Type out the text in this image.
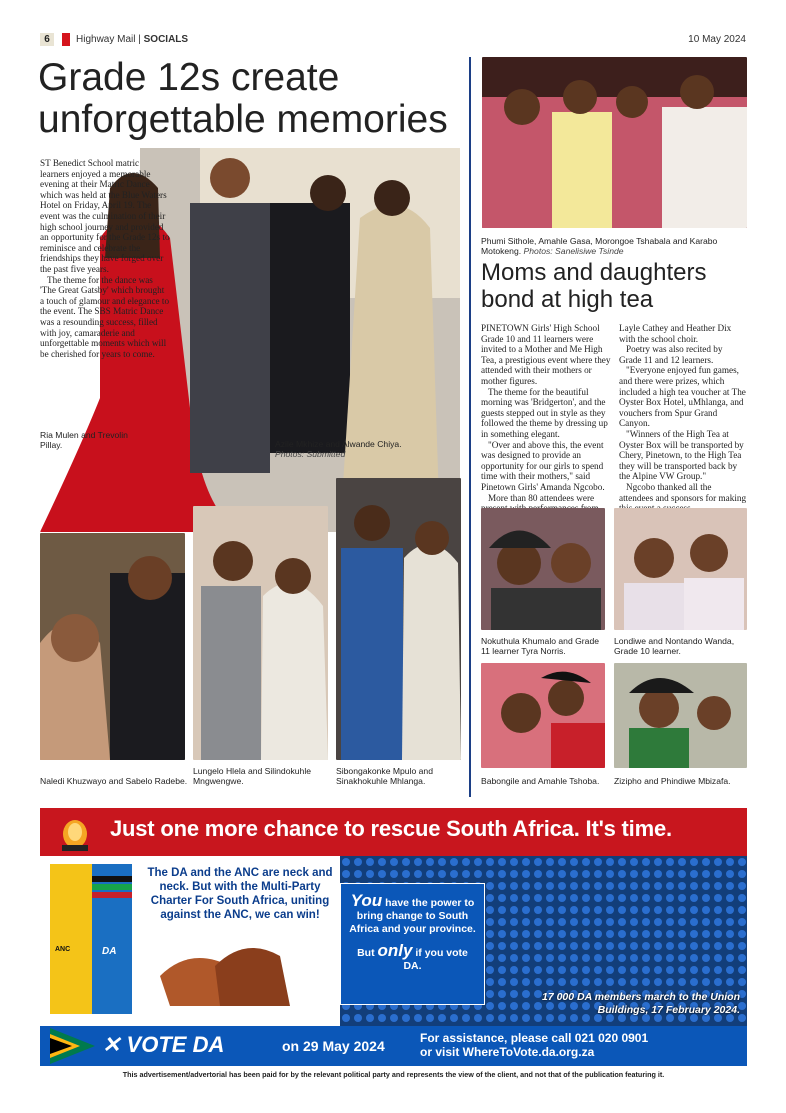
6	Highway Mail | SOCIALS	10 May 2024
Grade 12s create unforgettable memories

ST Benedict School matric learners enjoyed a memorable evening at their Matric Dance which was held at the Blue Waters Hotel on Friday, April 19. The event was the culmination of their high school journey and provided an opportunity for the Grade 12s to reminisce and celebrate the friendships they have forged over the past five years.

The theme for the dance was 'The Great Gatsby' which brought a touch of glamour and elegance to the event. The SBS Matric Dance was a resounding success, filled with joy, camaraderie and unforgettable moments which will be cherished for years to come.

Ria Mulen and Trevolin Pillay.	Azile Mkhize and Alwande Chiya.
Photos: Submitted
Naledi Khuzwayo and Sabelo Radebe.
Lungelo Hlela and Silindokuhle Mngwengwe.
Sibongakonke Mpulo and Sinakhokuhle Mhlanga.
Phumi Sithole, Amahle Gasa, Morongoe Tshabala and Karabo Motokeng. Photos: Sanelisiwe Tsinde
Moms and daughters bond at high tea

PINETOWN Girls' High School Grade 10 and 11 learners were invited to a Mother and Me High Tea, a prestigious event where they attended with their mothers or mother figures.

The theme for the beautiful morning was 'Bridgerton', and the guests stepped out in style as they followed the theme by dressing up in something elegant.

"Over and above this, the event was designed to provide an opportunity for our girls to spend time with their mothers," said Pinetown Girls' Amanda Ngcobo.

More than 80 attendees were

Layle Cathey and Heather Dix with the school choir.

Poetry was also recited by Grade 11 and 12 learners.

"Everyone enjoyed fun games, and there were prizes, which included a high tea voucher at The Oyster Box Hotel, uMhlanga, and vouchers from Spur Grand Canyon.

"Winners of the High Tea at Oyster Box will be transported by Chery, Pinetown, to the High Tea they will be transported back by the Alpine VW Group."

Ngcobo thanked all the attendees and sponsors for making

Nokuthula Khumalo and Grade 11 learner Tyra Norris.
Londiwe and Nontando Wanda, Grade 10 learner.
Babongile and Amahle Tshoba.	Zizipho and Phindiwe Mbizafa.
Just one more chance to rescue South Africa. It's time.
ANC	DA
The DA and the ANC are neck and neck. But with the Multi-Party Charter For South Africa, uniting against the ANC, we can win!
You have the power to bring change to South Africa and your province.
But only if you vote DA.
17 000 DA members march to the Union Buildings, 17 February 2024.
✕ VOTE DA	on 29 May 2024	For assistance, please call 021 020 0901
or visit WhereToVote.da.org.za
This advertisement/advertorial has been paid for by the relevant political party and represents the view of the client, and not that of the publication featuring it.
